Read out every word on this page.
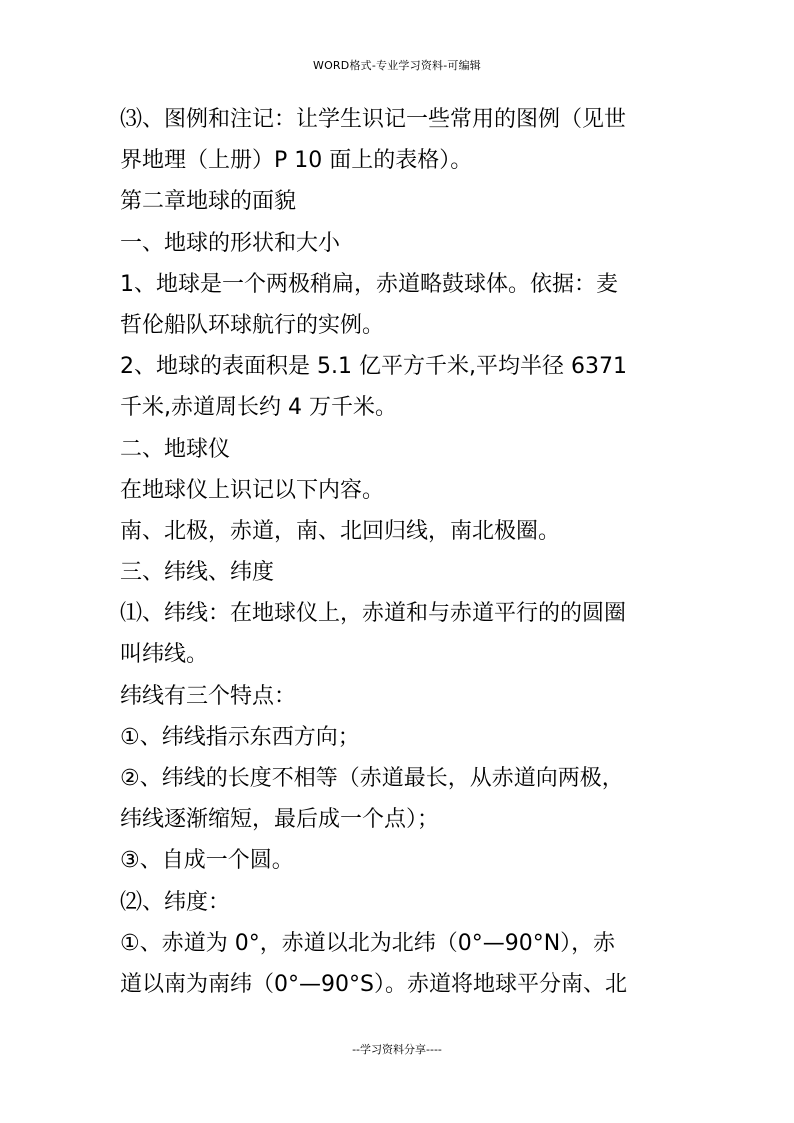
WORD格式-专业学习资料-可编辑
⑶、图例和注记：让学生识记一些常用的图例（见世
界地理（上册）P 10 面上的表格）。
第二章地球的面貌
一、地球的形状和大小
1、地球是一个两极稍扁，赤道略鼓球体。依据：麦
哲伦船队环球航行的实例。
2、地球的表面积是 5.1 亿平方千米,平均半径 6371
千米,赤道周长约 4 万千米。
二、地球仪
在地球仪上识记以下内容。
南、北极，赤道，南、北回归线，南北极圈。
三、纬线、纬度
⑴、纬线：在地球仪上，赤道和与赤道平行的的圆圈
叫纬线。
纬线有三个特点：
①、纬线指示东西方向；
②、纬线的长度不相等（赤道最长，从赤道向两极，
纬线逐渐缩短，最后成一个点）；
③、自成一个圆。
⑵、纬度：
①、赤道为 0°，赤道以北为北纬（0°—90°N），赤
道以南为南纬（0°—90°S）。赤道将地球平分南、北
--学习资料分享----
